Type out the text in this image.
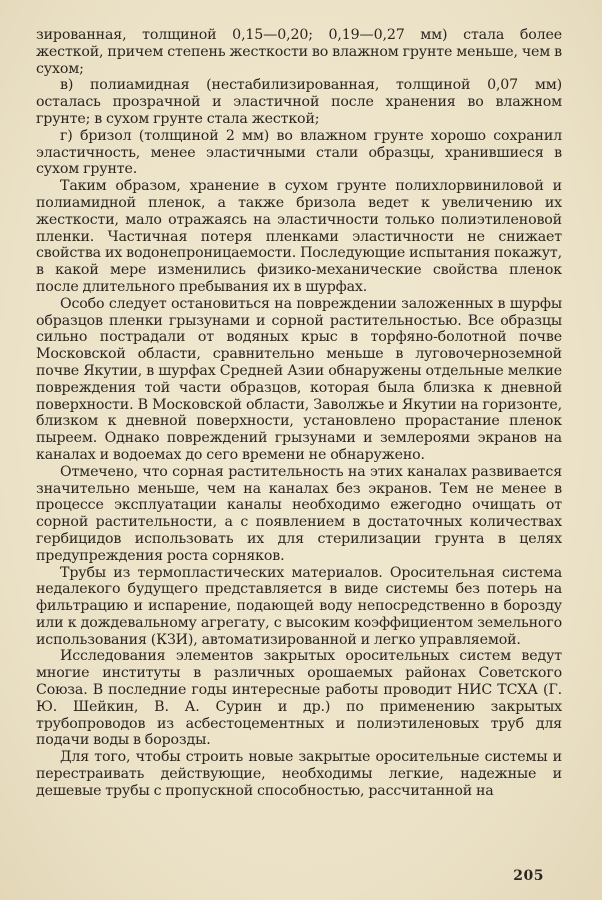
зированная, толщиной 0,15—0,20; 0,19—0,27 мм) стала более жесткой, причем степень жесткости во влажном грунте меньше, чем в сухом;

в) полиамидная (нестабилизированная, толщиной 0,07 мм) осталась прозрачной и эластичной после хранения во влажном грунте; в сухом грунте стала жесткой;

г) бризол (толщиной 2 мм) во влажном грунте хорошо сохранил эластичность, менее эластичными стали образцы, хранившиеся в сухом грунте.

Таким образом, хранение в сухом грунте полихлорвиниловой и полиамидной пленок, а также бризола ведет к увеличению их жесткости, мало отражаясь на эластичности только полиэтиленовой пленки. Частичная потеря пленками эластичности не снижает свойства их водонепроницаемости. Последующие испытания покажут, в какой мере изменились физико-механические свойства пленок после длительного пребывания их в шурфах.

Особо следует остановиться на повреждении заложенных в шурфы образцов пленки грызунами и сорной растительностью. Все образцы сильно пострадали от водяных крыс в торфяно-болотной почве Московской области, сравнительно меньше в луговочерноземной почве Якутии, в шурфах Средней Азии обнаружены отдельные мелкие повреждения той части образцов, которая была близка к дневной поверхности. В Московской области, Заволжье и Якутии на горизонте, близком к дневной поверхности, установлено прорастание пленок пыреем. Однако повреждений грызунами и землероями экранов на каналах и водоемах до сего времени не обнаружено.

Отмечено, что сорная растительность на этих каналах развивается значительно меньше, чем на каналах без экранов. Тем не менее в процессе эксплуатации каналы необходимо ежегодно очищать от сорной растительности, а с появлением в достаточных количествах гербицидов использовать их для стерилизации грунта в целях предупреждения роста сорняков.

Трубы из термопластических материалов. Оросительная система недалекого будущего представляется в виде системы без потерь на фильтрацию и испарение, подающей воду непосредственно в борозду или к дождевальному агрегату, с высоким коэффициентом земельного использования (КЗИ), автоматизированной и легко управляемой.

Исследования элементов закрытых оросительных систем ведут многие институты в различных орошаемых районах Советского Союза. В последние годы интересные работы проводит НИС ТСХА (Г. Ю. Шейкин, В. А. Сурин и др.) по применению закрытых трубопроводов из асбестоцементных и полиэтиленовых труб для подачи воды в борозды.

Для того, чтобы строить новые закрытые оросительные системы и перестраивать действующие, необходимы легкие, надежные и дешевые трубы с пропускной способностью, рассчитанной на

205
